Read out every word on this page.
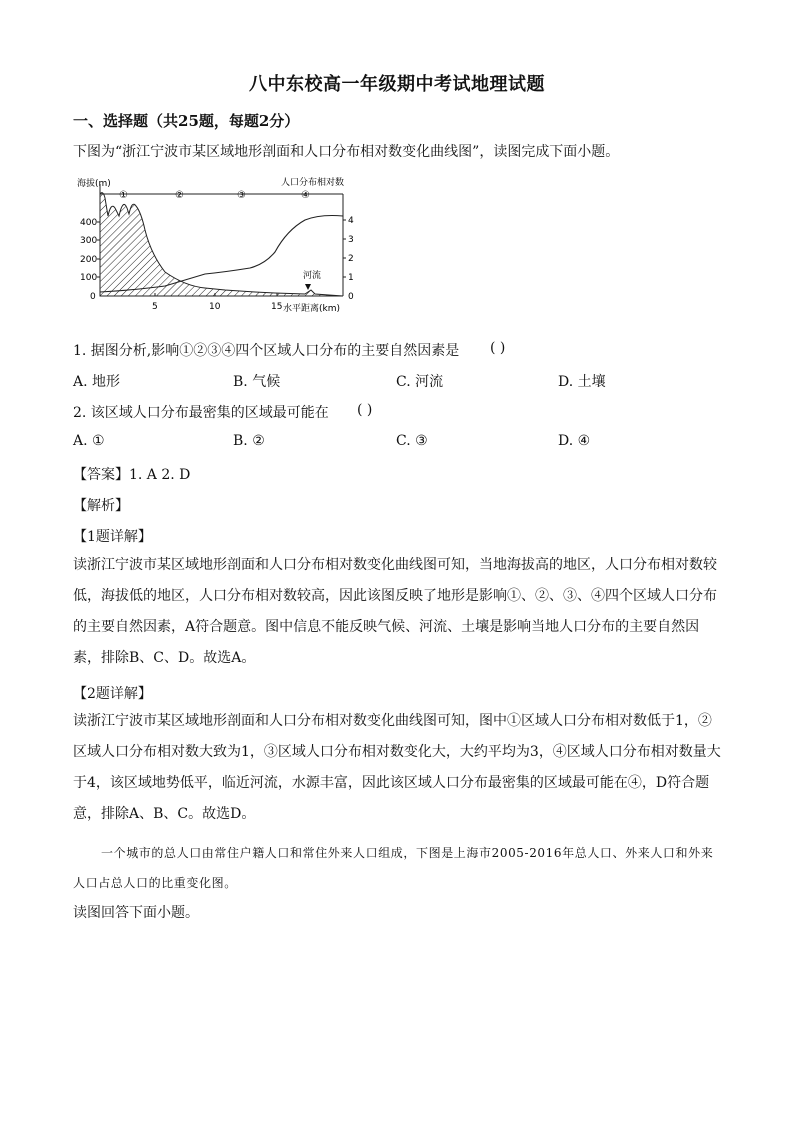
八中东校高一年级期中考试地理试题
一、选择题（共25题，每题2分）
下图为“浙江宁波市某区域地形剖面和人口分布相对数变化曲线图”，读图完成下面小题。
河流
海拔(m)	人口分布相对数
①	②	③	④
400
300
200
100
0
4
3
2
1
0
5	10	15 水平距离(km)
1. 据图分析,影响①②③④四个区域人口分布的主要自然因素是 ( )
A. 地形	B. 气候	C. 河流	D. 土壤
2. 该区域人口分布最密集的区域最可能在 ( )
A. ①	B. ②	C. ③	D. ④
【答案】1. A 2. D
【解析】
【1题详解】
读浙江宁波市某区域地形剖面和人口分布相对数变化曲线图可知，当地海拔高的地区，人口分布相对数较低，海拔低的地区，人口分布相对数较高，因此该图反映了地形是影响①、②、③、④四个区域人口分布的主要自然因素，A符合题意。图中信息不能反映气候、河流、土壤是影响当地人口分布的主要自然因素，排除B、C、D。故选A。
【2题详解】
读浙江宁波市某区域地形剖面和人口分布相对数变化曲线图可知，图中①区域人口分布相对数低于1，②区域人口分布相对数大致为1，③区域人口分布相对数变化大，大约平均为3，④区域人口分布相对数量大于4，该区域地势低平，临近河流，水源丰富，因此该区域人口分布最密集的区域最可能在④，D符合题意，排除A、B、C。故选D。
一个城市的总人口由常住户籍人口和常住外来人口组成，下图是上海市2005-2016年总人口、外来人口和外来人口占总人口的比重变化图。
读图回答下面小题。
